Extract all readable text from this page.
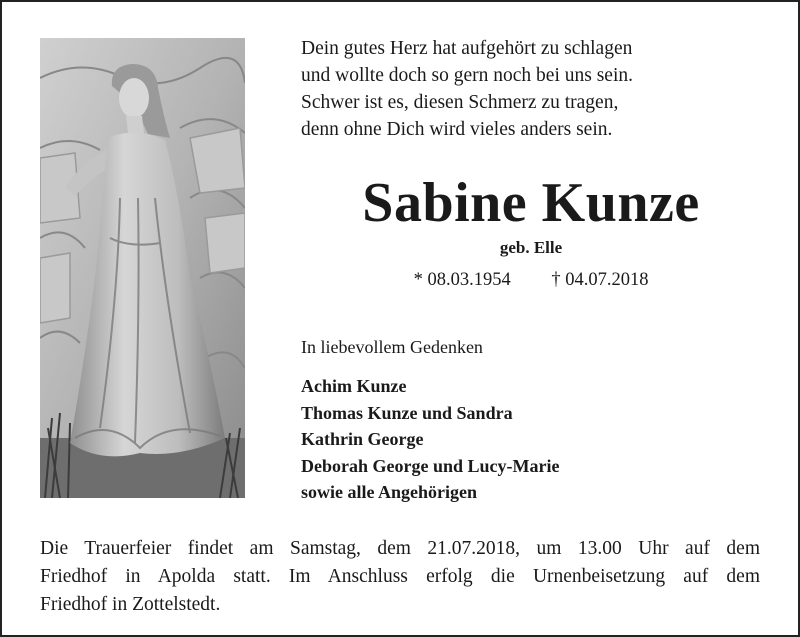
Dein gutes Herz hat aufgehört zu schlagen
und wollte doch so gern noch bei uns sein.
Schwer ist es, diesen Schmerz zu tragen,
denn ohne Dich wird vieles anders sein.
Sabine Kunze
geb. Elle
* 08.03.1954 † 04.07.2018
In liebevollem Gedenken
Achim Kunze
Thomas Kunze und Sandra
Kathrin George
Deborah George und Lucy-Marie
sowie alle Angehörigen
Die Trauerfeier findet am Samstag, dem 21.07.2018, um 13.00 Uhr auf dem
Friedhof in Apolda statt. Im Anschluss erfolg die Urnenbeisetzung auf dem
Friedhof in Zottelstedt.
